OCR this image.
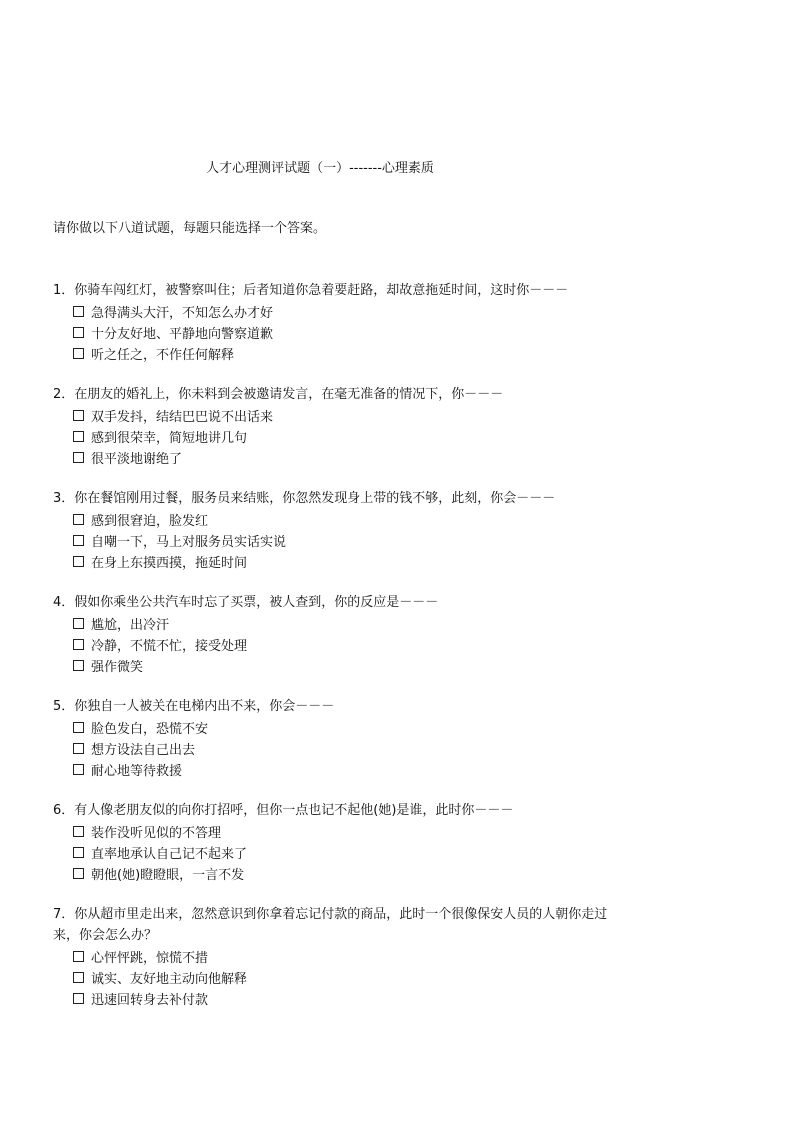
人才心理测评试题（一）-------心理素质
请你做以下八道试题，每题只能选择一个答案。
1．你骑车闯红灯，被警察叫住；后者知道你急着要赶路，却故意拖延时间，这时你－－－
急得满头大汗，不知怎么办才好
十分友好地、平静地向警察道歉
听之任之，不作任何解释
2．在朋友的婚礼上，你未料到会被邀请发言，在毫无准备的情况下，你－－－
双手发抖，结结巴巴说不出话来
感到很荣幸，简短地讲几句
很平淡地谢绝了
3．你在餐馆刚用过餐，服务员来结账，你忽然发现身上带的钱不够，此刻，你会－－－
感到很窘迫，脸发红
自嘲一下，马上对服务员实话实说
在身上东摸西摸，拖延时间
4．假如你乘坐公共汽车时忘了买票，被人查到，你的反应是－－－
尴尬，出冷汗
冷静，不慌不忙，接受处理
强作微笑
5．你独自一人被关在电梯内出不来，你会－－－
脸色发白，恐慌不安
想方设法自己出去
耐心地等待救援
6．有人像老朋友似的向你打招呼，但你一点也记不起他(她)是谁，此时你－－－
装作没听见似的不答理
直率地承认自己记不起来了
朝他(她)瞪瞪眼，一言不发
7．你从超市里走出来，忽然意识到你拿着忘记付款的商品，此时一个很像保安人员的人朝你走过来，你会怎么办？
心怦怦跳，惊慌不措
诚实、友好地主动向他解释
迅速回转身去补付款
